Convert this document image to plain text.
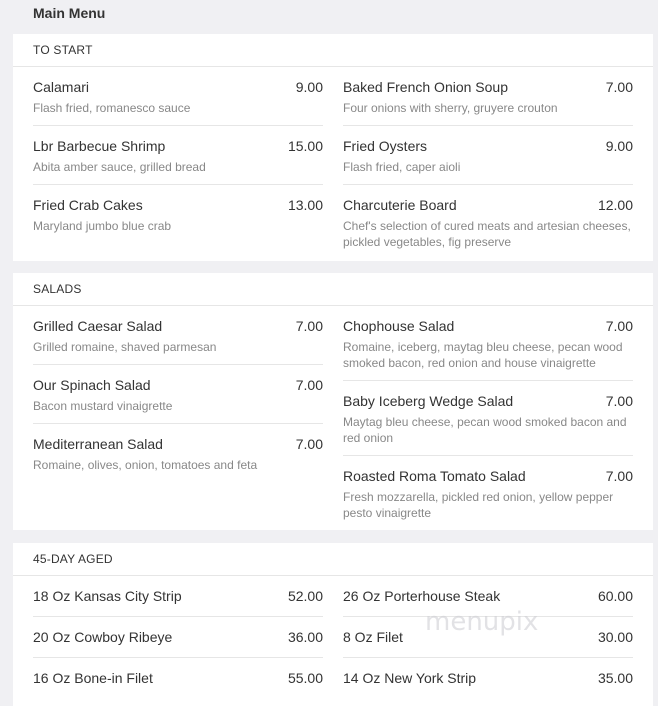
Main Menu
TO START
Calamari	9.00
Flash fried, romanesco sauce
Lbr Barbecue Shrimp	15.00
Abita amber sauce, grilled bread
Fried Crab Cakes	13.00
Maryland jumbo blue crab
Baked French Onion Soup	7.00
Four onions with sherry, gruyere crouton
Fried Oysters	9.00
Flash fried, caper aioli
Charcuterie Board	12.00
Chef's selection of cured meats and artesian cheeses, pickled vegetables, fig preserve
SALADS
Grilled Caesar Salad	7.00
Grilled romaine, shaved parmesan
Our Spinach Salad	7.00
Bacon mustard vinaigrette
Mediterranean Salad	7.00
Romaine, olives, onion, tomatoes and feta
Chophouse Salad	7.00
Romaine, iceberg, maytag bleu cheese, pecan wood smoked bacon, red onion and house vinaigrette
Baby Iceberg Wedge Salad	7.00
Maytag bleu cheese, pecan wood smoked bacon and red onion
Roasted Roma Tomato Salad	7.00
Fresh mozzarella, pickled red onion, yellow pepper pesto vinaigrette
45-DAY AGED
18 Oz Kansas City Strip	52.00
20 Oz Cowboy Ribeye	36.00
16 Oz Bone-in Filet	55.00
26 Oz Porterhouse Steak	60.00
8 Oz Filet	30.00
14 Oz New York Strip	35.00
menupix
